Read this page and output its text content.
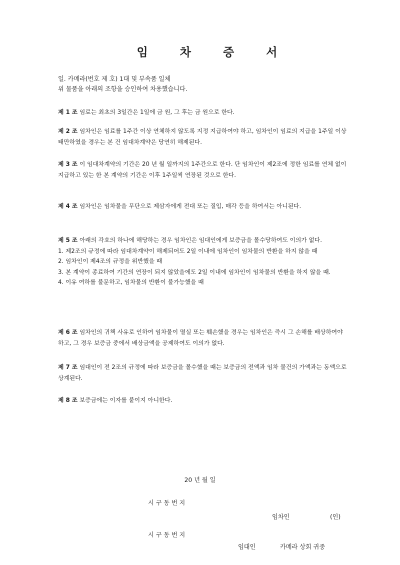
임 차 증 서
일. 카메라(번호 제 호) 1대 및 부속품 일체
위 물품을 아래의 조항을 승인하여 차용했습니다.
제 1 조 임료는 최초의 3일간은 1일에 금 원, 그 후는 금 원으로 한다.
제 2 조 임차인은 임료를 1주간 이상 연체하지 않도록 지정 지급하여야 하고, 임차인이 임료의 지급을 1주일 이상 태만하였을 경우는 본 건 임대차계약은 당연히 해제된다.
제 3 조 이 임대차계약의 기간은 20 년 월 일까지의 1주간으로 한다. 단 임차인이 제2조에 정한 임료를 연체 없이 지급하고 있는 한 본 계약의 기간은 이후 1주일씩 연장된 것으로 한다.
제 4 조 임차인은 임차물을 무단으로 제삼자에게 전대 또는 질입, 매각 등을 하여서는 아니된다.
제 5 조 아래의 각호의 하나에 해당하는 경우 임차인은 임대인에게 보증금을 몰수당하여도 이의가 없다.
1. 제2조의 규정에 따라 임대차계약이 해제되어도 2일 이내에 임차인이 임차물의 반환을 하지 않을 때
2. 임차인이 제4조의 규정을 위반했을 때
3. 본 계약이 종료하여 기간의 연장이 되지 않았을에도 2일 이내에 임차인이 임차물의 반환을 하지 않을 때.
4. 이유 여하를 불문하고, 임차물의 반환이 불가능했을 때
제 6 조 임차인의 귀책 사유로 인하여 임차물이 멸실 또는 훼손했을 경우는 임차인은 즉시 그 손해를 배상하여야 하고, 그 경우 보증금 중에서 배상금액을 공제하여도 이의가 없다.
제 7 조 임대인이 전 2조의 규정에 따라 보증금을 몰수했을 때는 보증금의 전액과 임차 물건의 가액과는 동액으로 상계된다.
제 8 조 보증금에는 이자를 붙이지 아니한다.
20 년 월 일
시 구 동 번 지
임차인	(인)
시 구 동 번 지
임대인	카메라 상회 귀중
